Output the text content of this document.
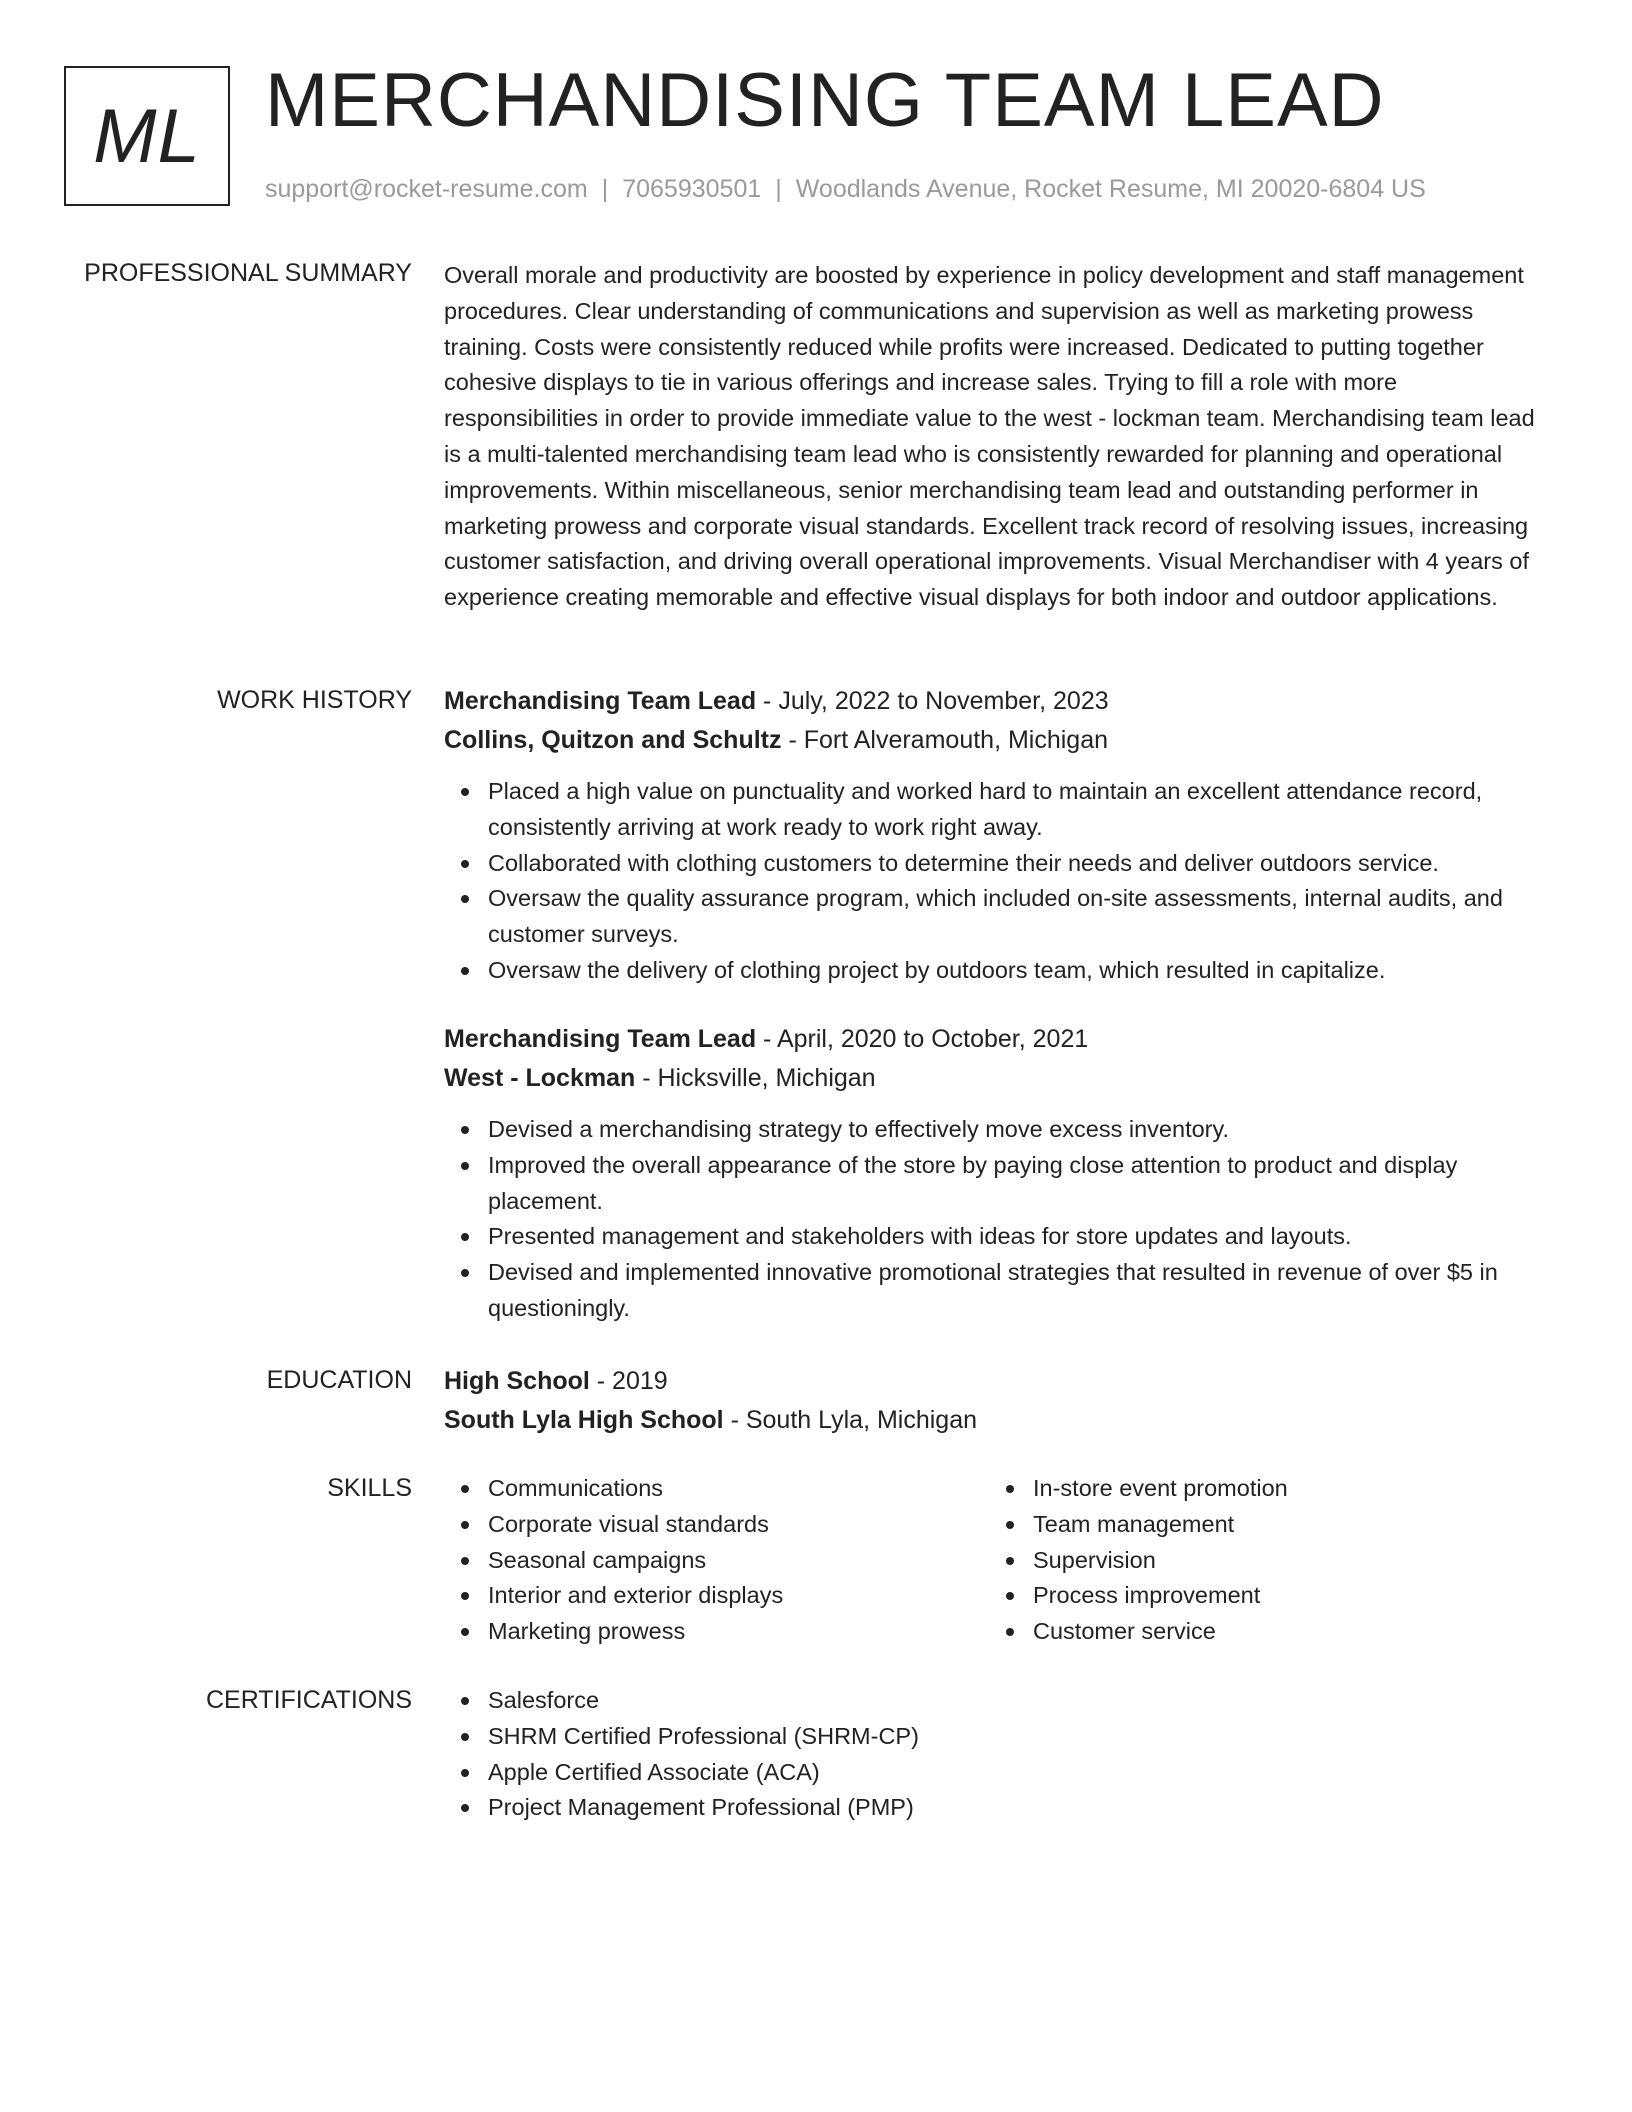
ML MERCHANDISING TEAM LEAD
support@rocket-resume.com | 7065930501 | Woodlands Avenue, Rocket Resume, MI 20020-6804 US
PROFESSIONAL SUMMARY Overall morale and productivity are boosted by experience in policy development and staff management procedures. Clear understanding of communications and supervision as well as marketing prowess training. Costs were consistently reduced while profits were increased. Dedicated to putting together cohesive displays to tie in various offerings and increase sales. Trying to fill a role with more responsibilities in order to provide immediate value to the west - lockman team. Merchandising team lead is a multi-talented merchandising team lead who is consistently rewarded for planning and operational improvements. Within miscellaneous, senior merchandising team lead and outstanding performer in marketing prowess and corporate visual standards. Excellent track record of resolving issues, increasing customer satisfaction, and driving overall operational improvements. Visual Merchandiser with 4 years of experience creating memorable and effective visual displays for both indoor and outdoor applications.
WORK HISTORY Merchandising Team Lead - July, 2022 to November, 2023
Collins, Quitzon and Schultz - Fort Alveramouth, Michigan
Placed a high value on punctuality and worked hard to maintain an excellent attendance record, consistently arriving at work ready to work right away.
Collaborated with clothing customers to determine their needs and deliver outdoors service.
Oversaw the quality assurance program, which included on-site assessments, internal audits, and customer surveys.
Oversaw the delivery of clothing project by outdoors team, which resulted in capitalize.
Merchandising Team Lead - April, 2020 to October, 2021
West - Lockman - Hicksville, Michigan
Devised a merchandising strategy to effectively move excess inventory.
Improved the overall appearance of the store by paying close attention to product and display placement.
Presented management and stakeholders with ideas for store updates and layouts.
Devised and implemented innovative promotional strategies that resulted in revenue of over $5 in questioningly.
EDUCATION High School - 2019
South Lyla High School - South Lyla, Michigan
SKILLS	Communications
Corporate visual standards
Seasonal campaigns
Interior and exterior displays
Marketing prowess
In-store event promotion
Team management
Supervision
Process improvement
Customer service
CERTIFICATIONS	Salesforce
SHRM Certified Professional (SHRM-CP)
Apple Certified Associate (ACA)
Project Management Professional (PMP)
